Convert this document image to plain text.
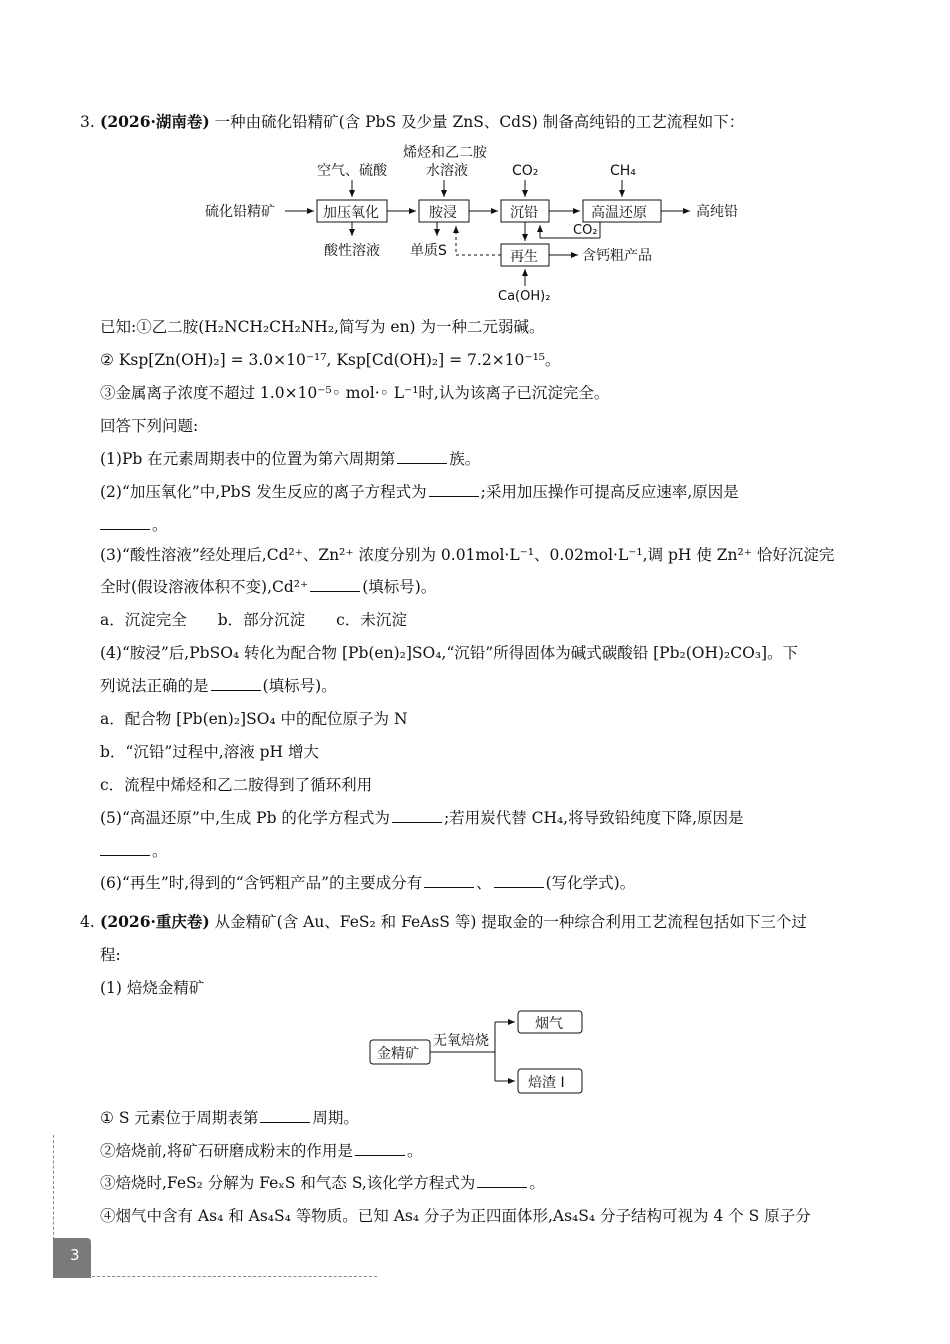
3. (2026·湖南卷) 一种由硫化铅精矿(含 PbS 及少量 ZnS、CdS) 制备高纯铅的工艺流程如下：
硫化铅精矿	加压氧化
空气、硫酸
酸性溶液
胺浸
烯烃和乙二胺
水溶液
单质S
沉铅
CO₂
高温还原
CH₄
高纯铅
CO₂
再生	含钙粗产品
Ca(OH)₂
已知:①乙二胺(H₂NCH₂CH₂NH₂,简写为 en) 为一种二元弱碱。
② Ksp[Zn(OH)₂] = 3.0×10⁻¹⁷, Ksp[Cd(OH)₂] = 7.2×10⁻¹⁵。
③金属离子浓度不超过 1.0×10⁻⁵◦ mol·◦ L⁻¹时,认为该离子已沉淀完全。
回答下列问题:
(1)Pb 在元素周期表中的位置为第六周期第	族。
(2)“加压氧化”中,PbS 发生反应的离子方程式为	;采用加压操作可提高反应速率,原因是
。
(3)“酸性溶液”经处理后,Cd²⁺、Zn²⁺ 浓度分别为 0.01mol·L⁻¹、0.02mol·L⁻¹,调 pH 使 Zn²⁺ 恰好沉淀完
全时(假设溶液体积不变),Cd²⁺	(填标号)。
a．沉淀完全　　b．部分沉淀　　c．未沉淀
(4)“胺浸”后,PbSO₄ 转化为配合物 [Pb(en)₂]SO₄,“沉铅”所得固体为碱式碳酸铅 [Pb₂(OH)₂CO₃]。下
列说法正确的是	(填标号)。
a．配合物 [Pb(en)₂]SO₄ 中的配位原子为 N
b．“沉铅”过程中,溶液 pH 增大
c．流程中烯烃和乙二胺得到了循环利用
(5)“高温还原”中,生成 Pb 的化学方程式为	;若用炭代替 CH₄,将导致铅纯度下降,原因是
。
(6)“再生”时,得到的“含钙粗产品”的主要成分有	、	(写化学式)。
4. (2026·重庆卷) 从金精矿(含 Au、FeS₂ 和 FeAsS 等) 提取金的一种综合利用工艺流程包括如下三个过
程:
(1) 焙烧金精矿
金精矿
无氧焙烧
烟气
焙渣 Ⅰ
① S 元素位于周期表第	周期。
②焙烧前,将矿石研磨成粉末的作用是	。
③焙烧时,FeS₂ 分解为 FeₓS 和气态 S,该化学方程式为	。
④烟气中含有 As₄ 和 As₄S₄ 等物质。已知 As₄ 分子为正四面体形,As₄S₄ 分子结构可视为 4 个 S 原子分
3
